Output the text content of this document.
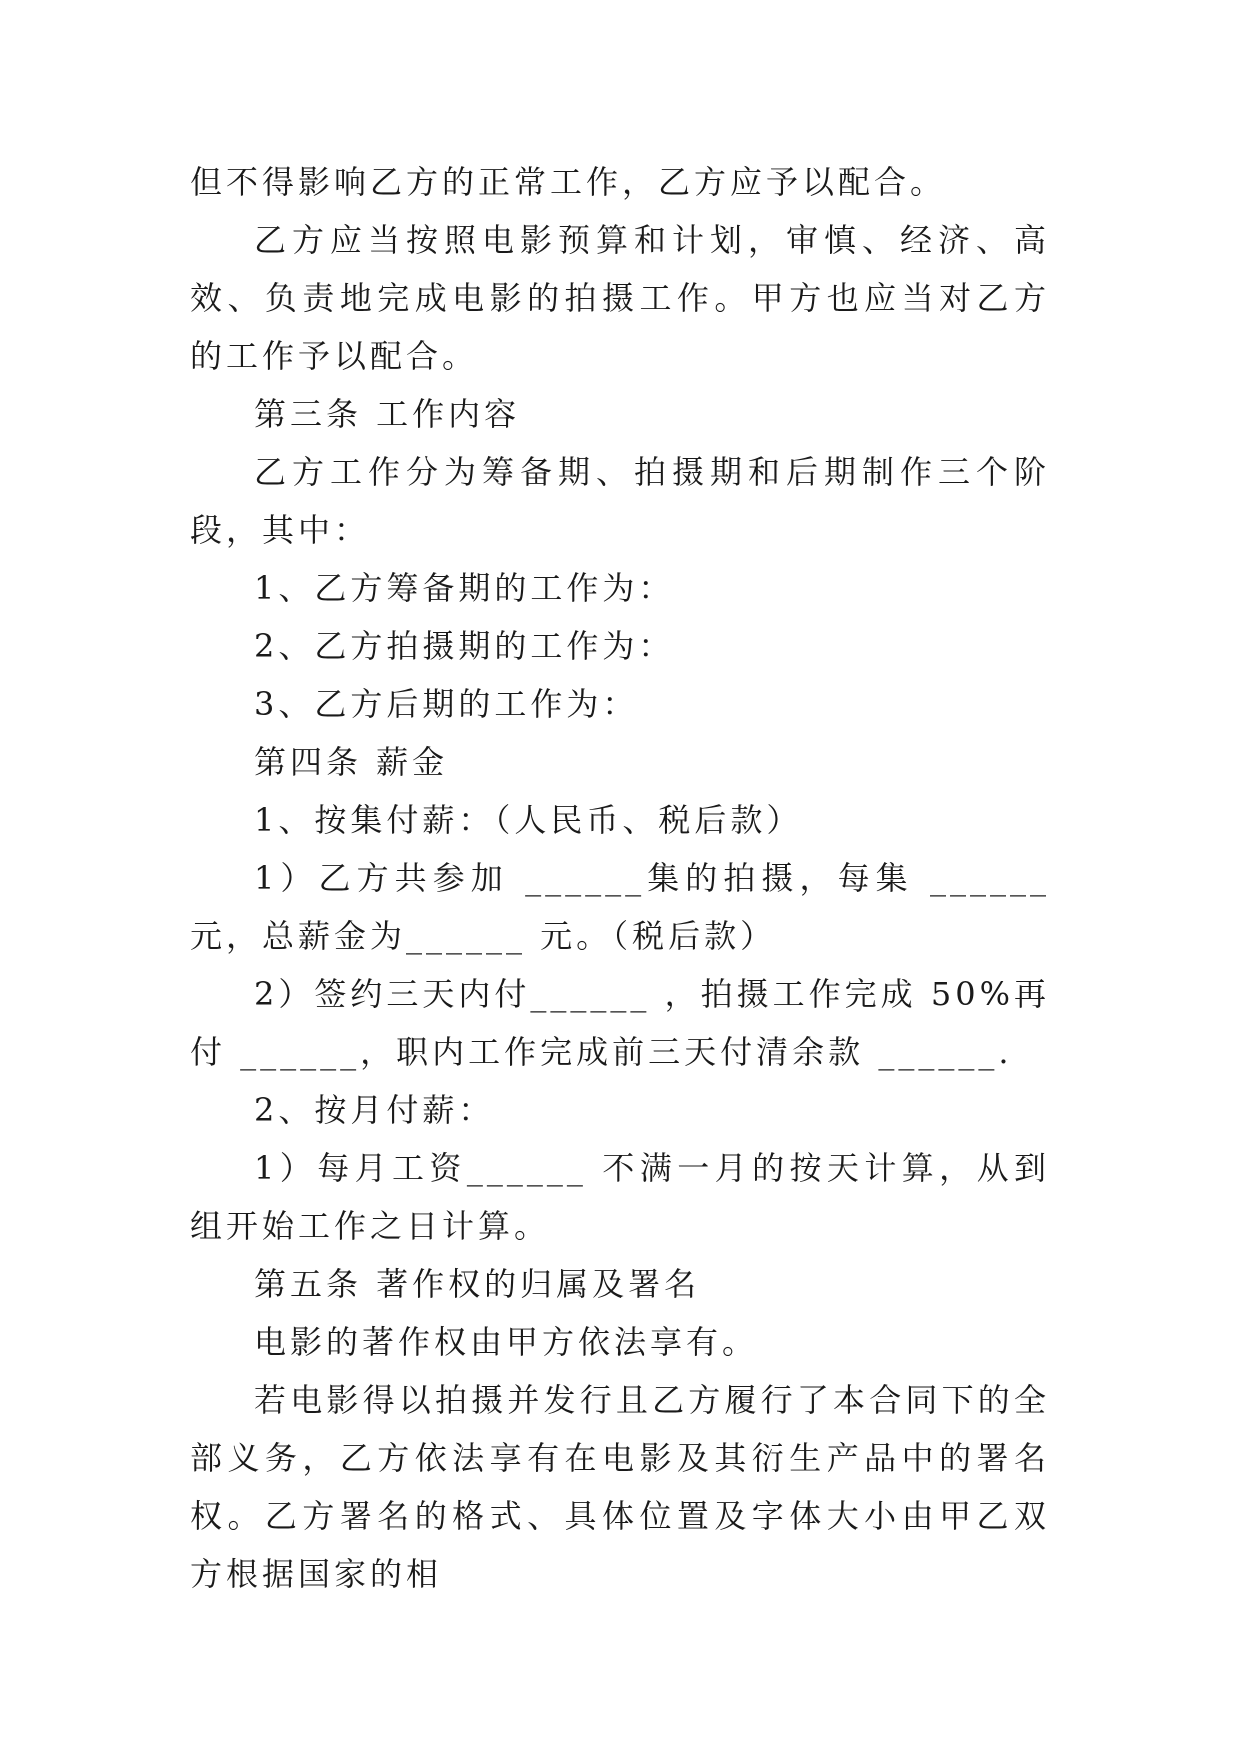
但不得影响乙方的正常工作，乙方应予以配合。

乙方应当按照电影预算和计划，审慎、经济、高效、负责地完成电影的拍摄工作。甲方也应当对乙方的工作予以配合。

第三条 工作内容

乙方工作分为筹备期、拍摄期和后期制作三个阶段，其中：

1、乙方筹备期的工作为：

2、乙方拍摄期的工作为：

3、乙方后期的工作为：

第四条 薪金

1、按集付薪：（人民币、税后款）

1）乙方共参加 ______集的拍摄，每集 ______元，总薪金为______ 元。（税后款）

2）签约三天内付______ ，拍摄工作完成 50%再付 ______，职内工作完成前三天付清余款 ______.

2、按月付薪：

1）每月工资______ 不满一月的按天计算，从到组开始工作之日计算。

第五条 著作权的归属及署名

电影的著作权由甲方依法享有。

若电影得以拍摄并发行且乙方履行了本合同下的全部义务，乙方依法享有在电影及其衍生产品中的署名权。乙方署名的格式、具体位置及字体大小由甲乙双方根据国家的相
